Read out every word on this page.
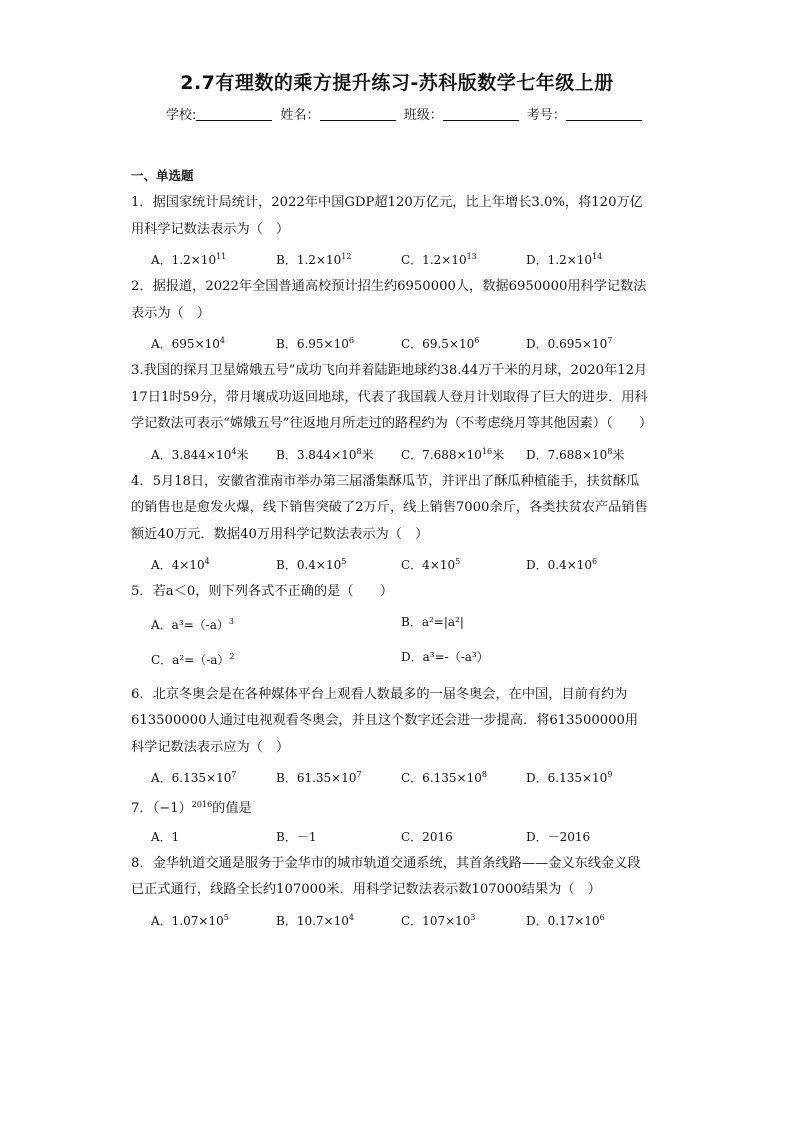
2.7有理数的乘方提升练习-苏科版数学七年级上册
学校:	姓名：	班级：	考号：
一、单选题

1．据国家统计局统计，2022年中国GDP超120万亿元，比上年增长3.0%，将120万亿用科学记数法表示为（　）

A．$1.2\times 10^{11}$	B．$1.2\times 10^{12}$	C．$1.2\times 10^{13}$	D．$1.2\times 10^{14}$

2．据报道，2022年全国普通高校预计招生约6950000人，数据6950000用科学记数法表示为（　）

A．$695\times 10^4$	B．$6.95\times 10^6$	C．$69.5\times 10^6$	D．$0.695\times 10^7$

3.我国的探月卫星嫦娥五号”成功飞向并着陆距地球约38.44万千米的月球，2020年12月17日1时59分，带月壤成功返回地球，代表了我国载人登月计划取得了巨大的进步．用科学记数法可表示“嫦娥五号”往返地月所走过的路程约为（不考虑绕月等其他因素）（　　）

A．$3.844\times 10^4$米	B．$3.844\times 10^8$米	C．$7.688\times 10^{16}$米	D．$7.688\times 10^8$米

4．5月18日，安徽省淮南市举办第三届潘集酥瓜节，并评出了酥瓜种植能手，扶贫酥瓜的销售也是愈发火爆，线下销售突破了2万斤，线上销售7000余斤，各类扶贫农产品销售额近40万元．数据40万用科学记数法表示为（　）

A．$4\times 10^4$	B．$0.4\times 10^5$	C．$4\times 10^5$	D．$0.4\times 10^6$

5．若a＜0，则下列各式不正确的是（　　）

A．$a^3=(-a)^3$	B．a²=|a²|
C．$a^2=(-a)^2$	D．a³=-（-a³）

6．北京冬奥会是在各种媒体平台上观看人数最多的一届冬奥会，在中国，目前有约为613500000人通过电视观看冬奥会，并且这个数字还会进一步提高．将613500000用科学记数法表示应为（　）

A．$6.135\times 10^7$	B．$61.35\times 10^7$	C．$6.135\times 10^8$	D．$6.135\times 10^9$

7．$(-1)^{2016}$的值是

A．1	B．－1	C．2016	D．－2016

8．金华轨道交通是服务于金华市的城市轨道交通系统，其首条线路——金义东线金义段已正式通行，线路全长约107000米．用科学记数法表示数107000结果为（　）

A．$1.07\times 10^5$	B．$10.7\times 10^4$	C．$107\times 10^3$	D．$0.17\times 10^6$
